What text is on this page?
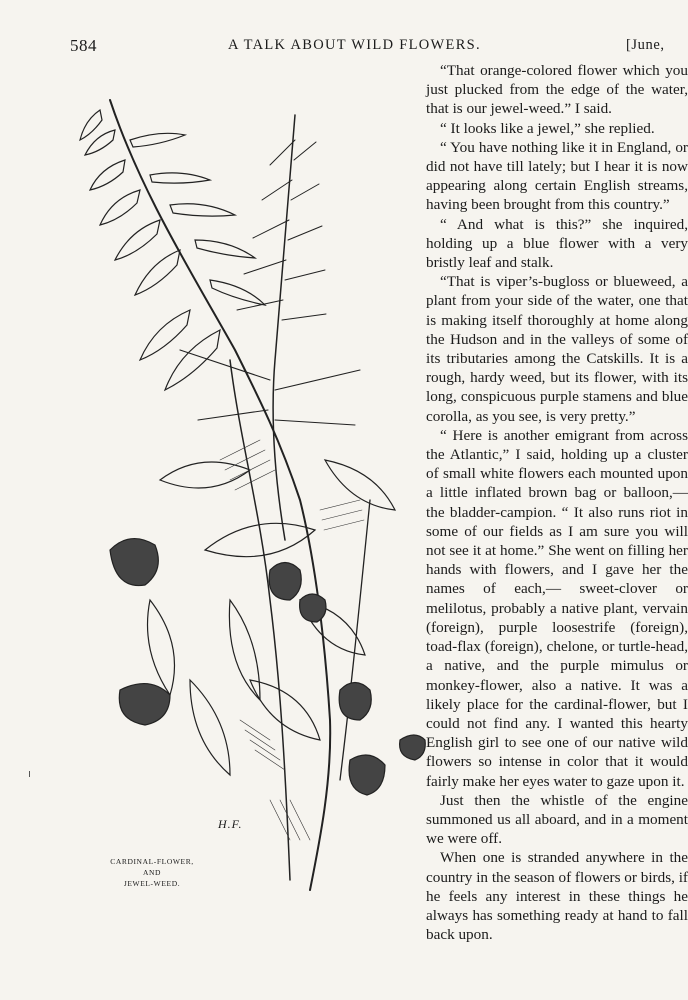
584	A TALK ABOUT WILD FLOWERS.	[June,
H.F.
CARDINAL-FLOWER,
AND
JEWEL-WEED.

“That orange-colored flower which you just plucked from the edge of the water, that is our jewel-weed.” I said.

“ It looks like a jewel,” she replied.

“ You have nothing like it in England, or did not have till lately; but I hear it is now appearing along certain English streams, having been brought from this country.”

“ And what is this?” she inquired, holding up a blue flower with a very bristly leaf and stalk.

“That is viper’s-bugloss or blueweed, a plant from your side of the water, one that is making itself thoroughly at home along the Hudson and in the valleys of some of its tributaries among the Catskills. It is a rough, hardy weed, but its flower, with its long, conspicuous purple stamens and blue corolla, as you see, is very pretty.”

“ Here is another emigrant from across the Atlantic,” I said, holding up a cluster of small white flowers each mounted upon a little inflated brown bag or balloon,— the bladder-campion. “ It also runs riot in some of our fields as I am sure you will not see it at home.” She went on filling her hands with flowers, and I gave her the names of each,— sweet-clover or melilotus, probably a native plant, vervain (foreign), purple loosestrife (foreign), toad-flax (foreign), chelone, or turtle-head, a native, and the purple mimulus or monkey-flower, also a native. It was a likely place for the cardinal-flower, but I could not find any. I wanted this hearty English girl to see one of our native wild flowers so intense in color that it would fairly make her eyes water to gaze upon it.

Just then the whistle of the engine summoned us all aboard, and in a moment we were off.

When one is stranded anywhere in the country in the season of flowers or birds, if he feels any interest in these things he always has something ready at hand to fall back upon.
